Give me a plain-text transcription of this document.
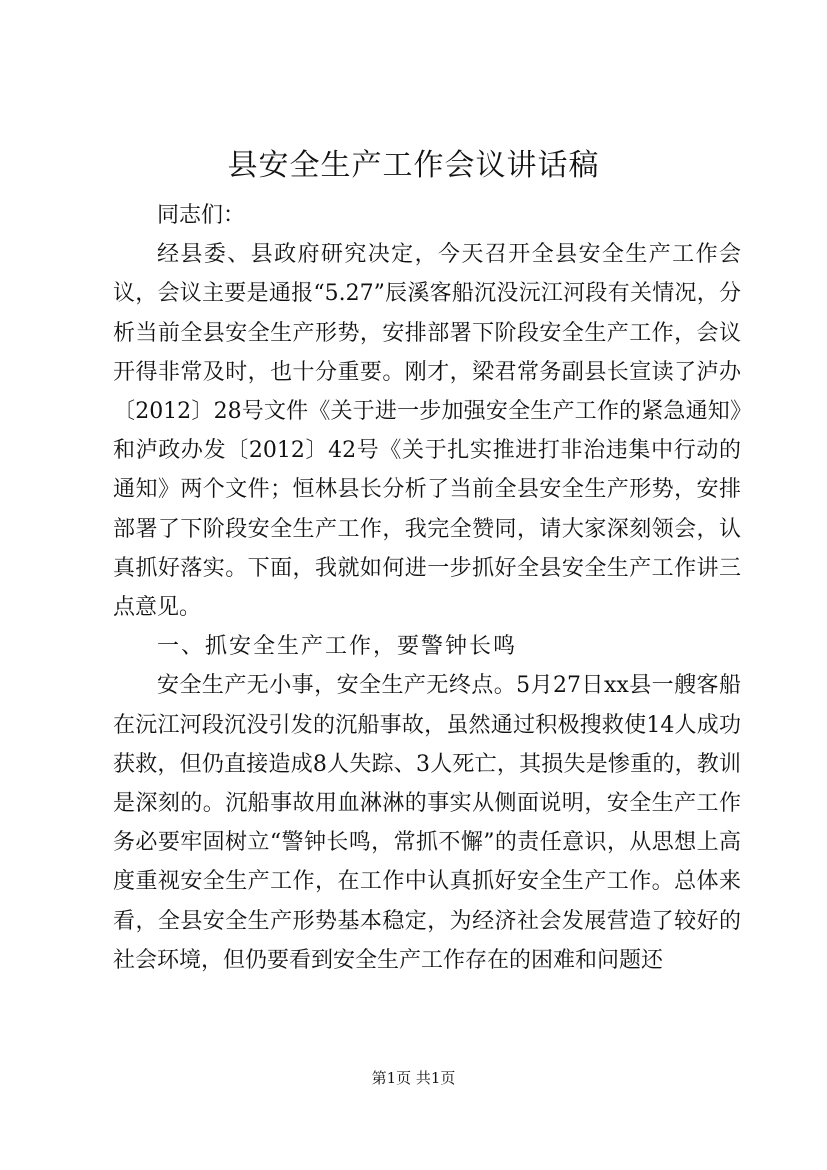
县安全生产工作会议讲话稿

同志们：

经县委、县政府研究决定，今天召开全县安全生产工作会议，会议主要是通报“5.27”辰溪客船沉没沅江河段有关情况，分析当前全县安全生产形势，安排部署下阶段安全生产工作，会议开得非常及时，也十分重要。刚才，梁君常务副县长宣读了泸办〔2012〕28号文件《关于进一步加强安全生产工作的紧急通知》和泸政办发〔2012〕42号《关于扎实推进打非治违集中行动的通知》两个文件；恒林县长分析了当前全县安全生产形势，安排部署了下阶段安全生产工作，我完全赞同，请大家深刻领会，认真抓好落实。下面，我就如何进一步抓好全县安全生产工作讲三点意见。

一、抓安全生产工作，要警钟长鸣

安全生产无小事，安全生产无终点。5月27日xx县一艘客船在沅江河段沉没引发的沉船事故，虽然通过积极搜救使14人成功获救，但仍直接造成8人失踪、3人死亡，其损失是惨重的，教训是深刻的。沉船事故用血淋淋的事实从侧面说明，安全生产工作务必要牢固树立“警钟长鸣，常抓不懈”的责任意识，从思想上高度重视安全生产工作，在工作中认真抓好安全生产工作。总体来看，全县安全生产形势基本稳定，为经济社会发展营造了较好的社会环境，但仍要看到安全生产工作存在的困难和问题还

第1页 共1页
